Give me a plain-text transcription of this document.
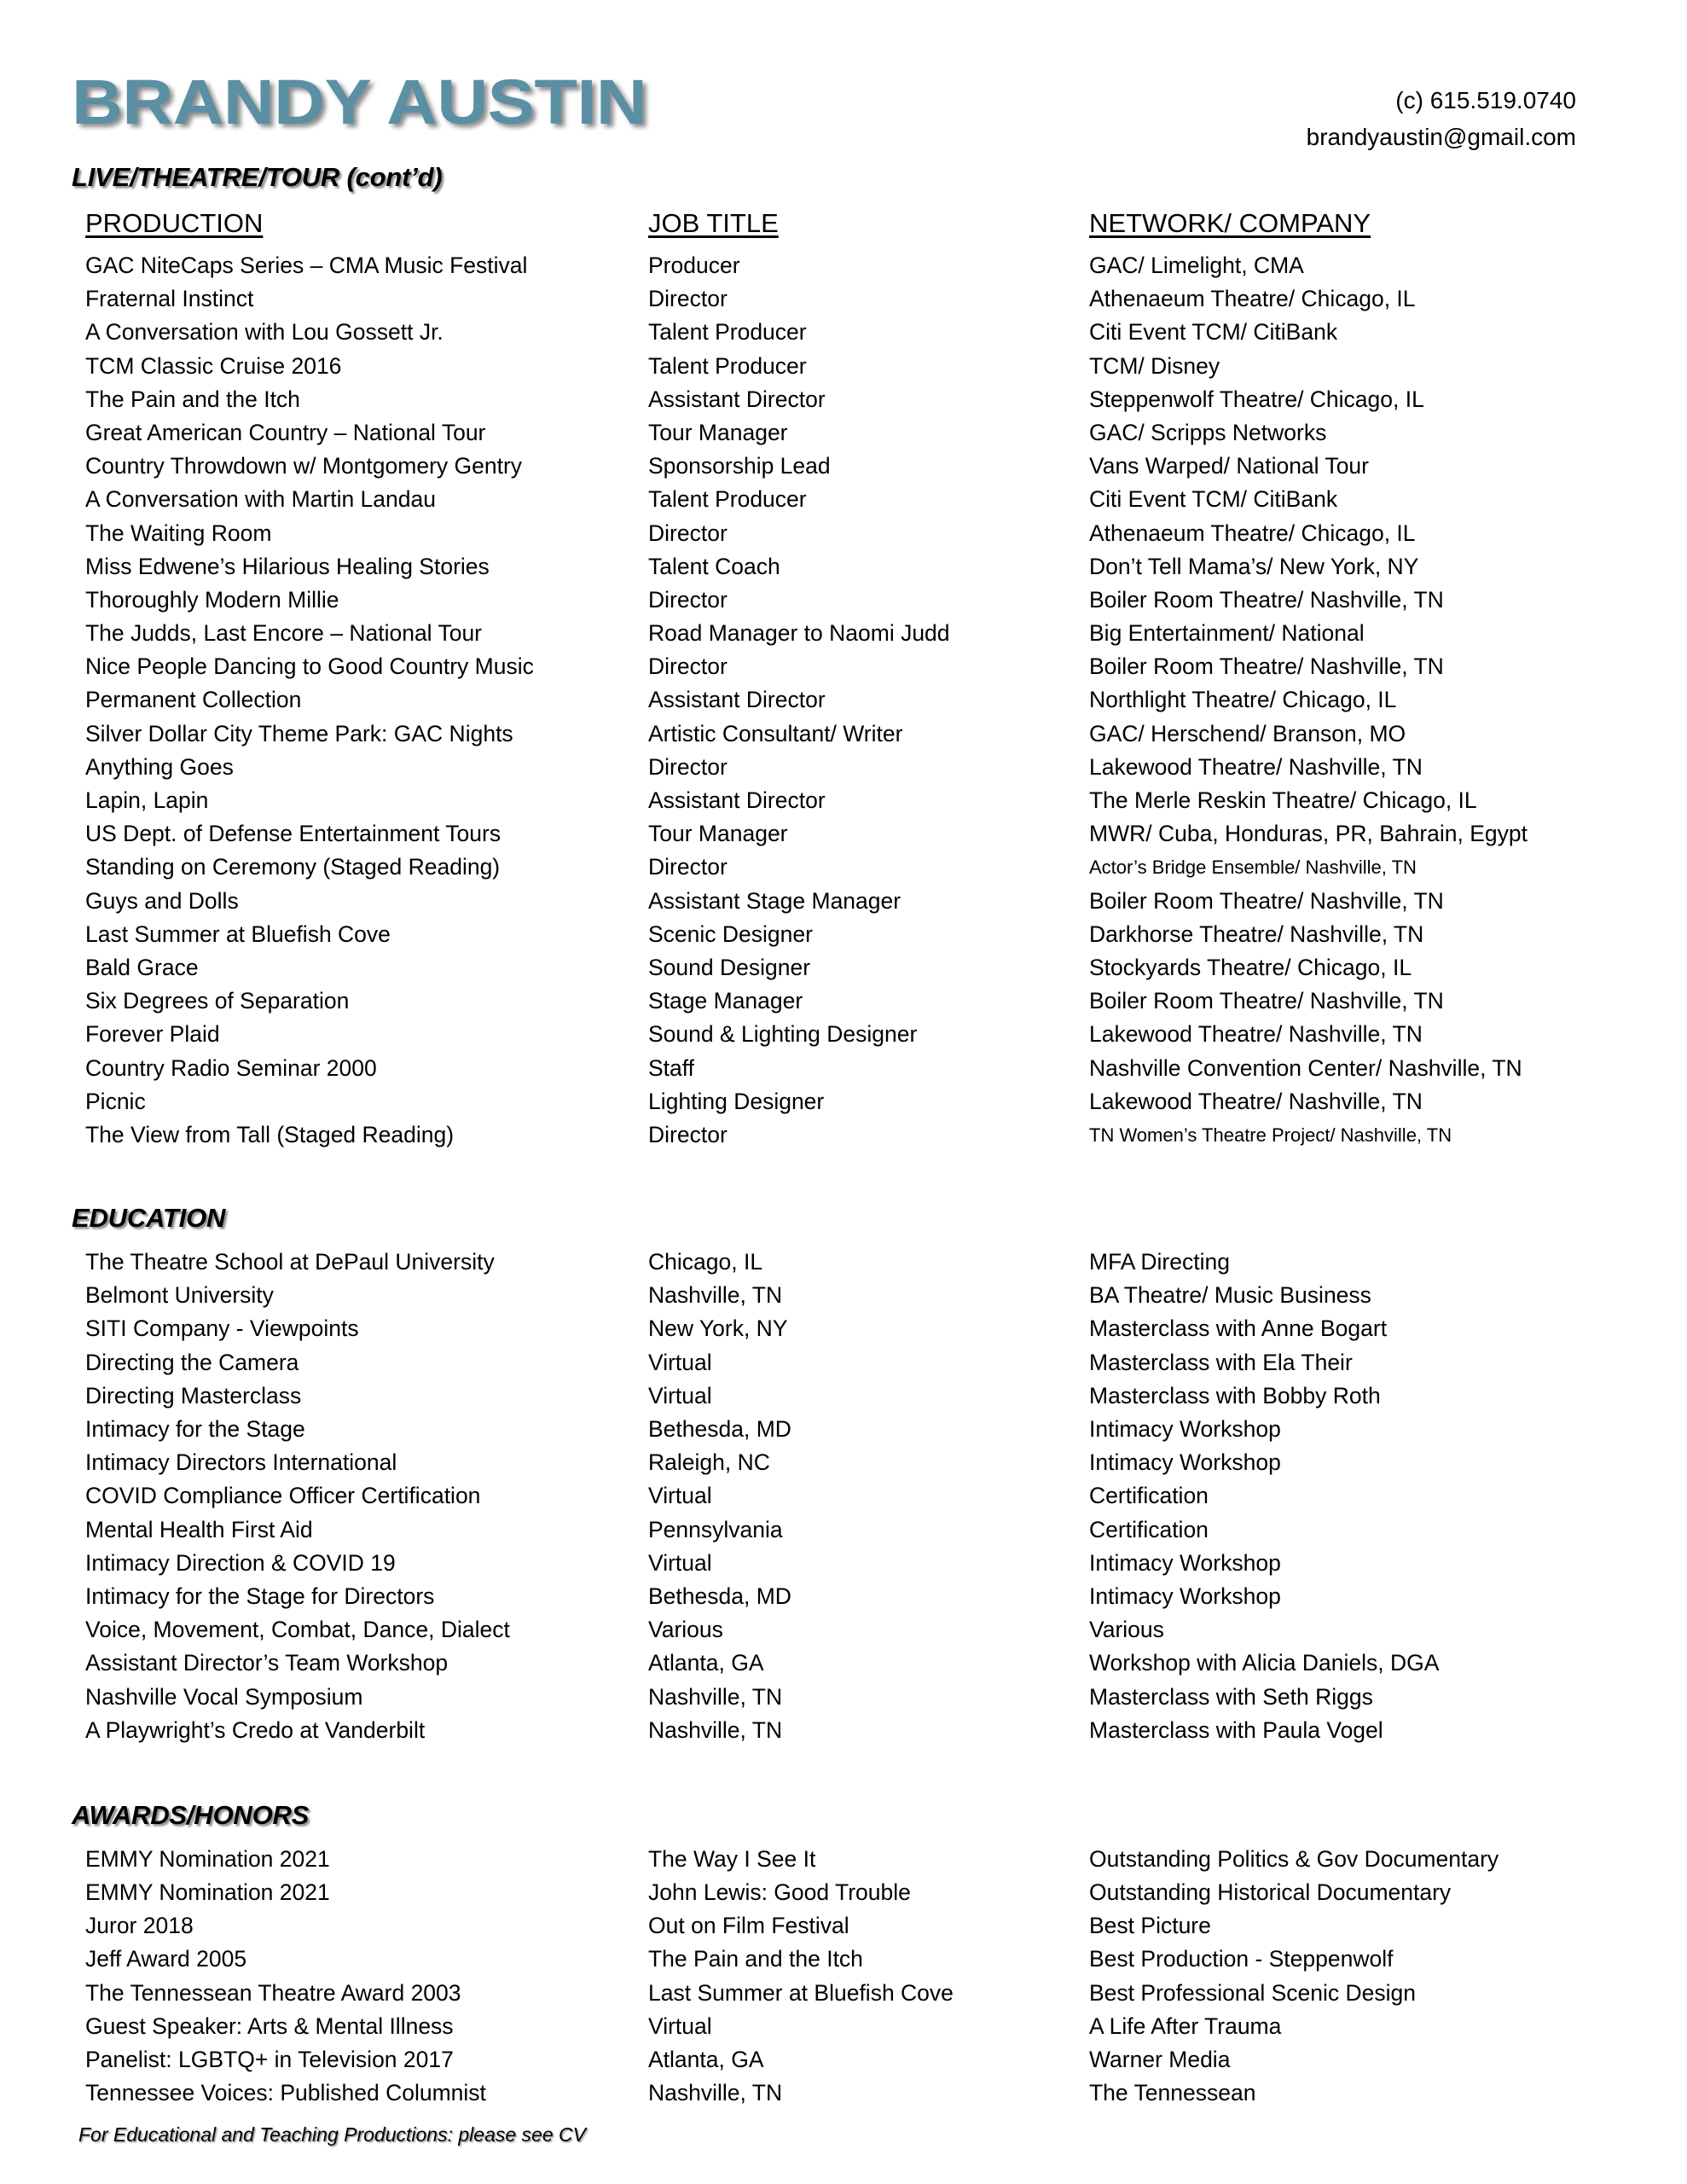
BRANDY AUSTIN	(c) 615.519.0740
brandyaustin@gmail.com
LIVE/THEATRE/TOUR (cont’d)
PRODUCTION	JOB TITLE	NETWORK/ COMPANY
GAC NiteCaps Series – CMA Music Festival	Producer	GAC/ Limelight, CMA
Fraternal Instinct	Director	Athenaeum Theatre/ Chicago, IL
A Conversation with Lou Gossett Jr.	Talent Producer	Citi Event TCM/ CitiBank
TCM Classic Cruise 2016	Talent Producer	TCM/ Disney
The Pain and the Itch	Assistant Director	Steppenwolf Theatre/ Chicago, IL
Great American Country – National Tour	Tour Manager	GAC/ Scripps Networks
Country Throwdown w/ Montgomery Gentry	Sponsorship Lead	Vans Warped/ National Tour
A Conversation with Martin Landau	Talent Producer	Citi Event TCM/ CitiBank
The Waiting Room	Director	Athenaeum Theatre/ Chicago, IL
Miss Edwene’s Hilarious Healing Stories	Talent Coach	Don’t Tell Mama’s/ New York, NY
Thoroughly Modern Millie	Director	Boiler Room Theatre/ Nashville, TN
The Judds, Last Encore – National Tour	Road Manager to Naomi Judd	Big Entertainment/ National
Nice People Dancing to Good Country Music	Director	Boiler Room Theatre/ Nashville, TN
Permanent Collection	Assistant Director	Northlight Theatre/ Chicago, IL
Silver Dollar City Theme Park: GAC Nights	Artistic Consultant/ Writer	GAC/ Herschend/ Branson, MO
Anything Goes	Director	Lakewood Theatre/ Nashville, TN
Lapin, Lapin	Assistant Director	The Merle Reskin Theatre/ Chicago, IL
US Dept. of Defense Entertainment Tours	Tour Manager	MWR/ Cuba, Honduras, PR, Bahrain, Egypt
Standing on Ceremony (Staged Reading)	Director	Actor’s Bridge Ensemble/ Nashville, TN
Guys and Dolls	Assistant Stage Manager	Boiler Room Theatre/ Nashville, TN
Last Summer at Bluefish Cove	Scenic Designer	Darkhorse Theatre/ Nashville, TN
Bald Grace	Sound Designer	Stockyards Theatre/ Chicago, IL
Six Degrees of Separation	Stage Manager	Boiler Room Theatre/ Nashville, TN
Forever Plaid	Sound & Lighting Designer	Lakewood Theatre/ Nashville, TN
Country Radio Seminar 2000	Staff	Nashville Convention Center/ Nashville, TN
Picnic	Lighting Designer	Lakewood Theatre/ Nashville, TN
The View from Tall (Staged Reading)	Director	TN Women’s Theatre Project/ Nashville, TN
EDUCATION
The Theatre School at DePaul University	Chicago, IL	MFA Directing
Belmont University	Nashville, TN	BA Theatre/ Music Business
SITI Company - Viewpoints	New York, NY	Masterclass with Anne Bogart
Directing the Camera	Virtual	Masterclass with Ela Their
Directing Masterclass	Virtual	Masterclass with Bobby Roth
Intimacy for the Stage	Bethesda, MD	Intimacy Workshop
Intimacy Directors International	Raleigh, NC	Intimacy Workshop
COVID Compliance Officer Certification	Virtual	Certification
Mental Health First Aid	Pennsylvania	Certification
Intimacy Direction & COVID 19	Virtual	Intimacy Workshop
Intimacy for the Stage for Directors	Bethesda, MD	Intimacy Workshop
Voice, Movement, Combat, Dance, Dialect	Various	Various
Assistant Director’s Team Workshop	Atlanta, GA	Workshop with Alicia Daniels, DGA
Nashville Vocal Symposium	Nashville, TN	Masterclass with Seth Riggs
A Playwright’s Credo at Vanderbilt	Nashville, TN	Masterclass with Paula Vogel
AWARDS/HONORS
EMMY Nomination 2021	The Way I See It	Outstanding Politics & Gov Documentary
EMMY Nomination 2021	John Lewis: Good Trouble	Outstanding Historical Documentary
Juror 2018	Out on Film Festival	Best Picture
Jeff Award 2005	The Pain and the Itch	Best Production - Steppenwolf
The Tennessean Theatre Award 2003	Last Summer at Bluefish Cove	Best Professional Scenic Design
Guest Speaker: Arts & Mental Illness	Virtual	A Life After Trauma
Panelist: LGBTQ+ in Television 2017	Atlanta, GA	Warner Media
Tennessee Voices: Published Columnist	Nashville, TN	The Tennessean
For Educational and Teaching Productions: please see CV
